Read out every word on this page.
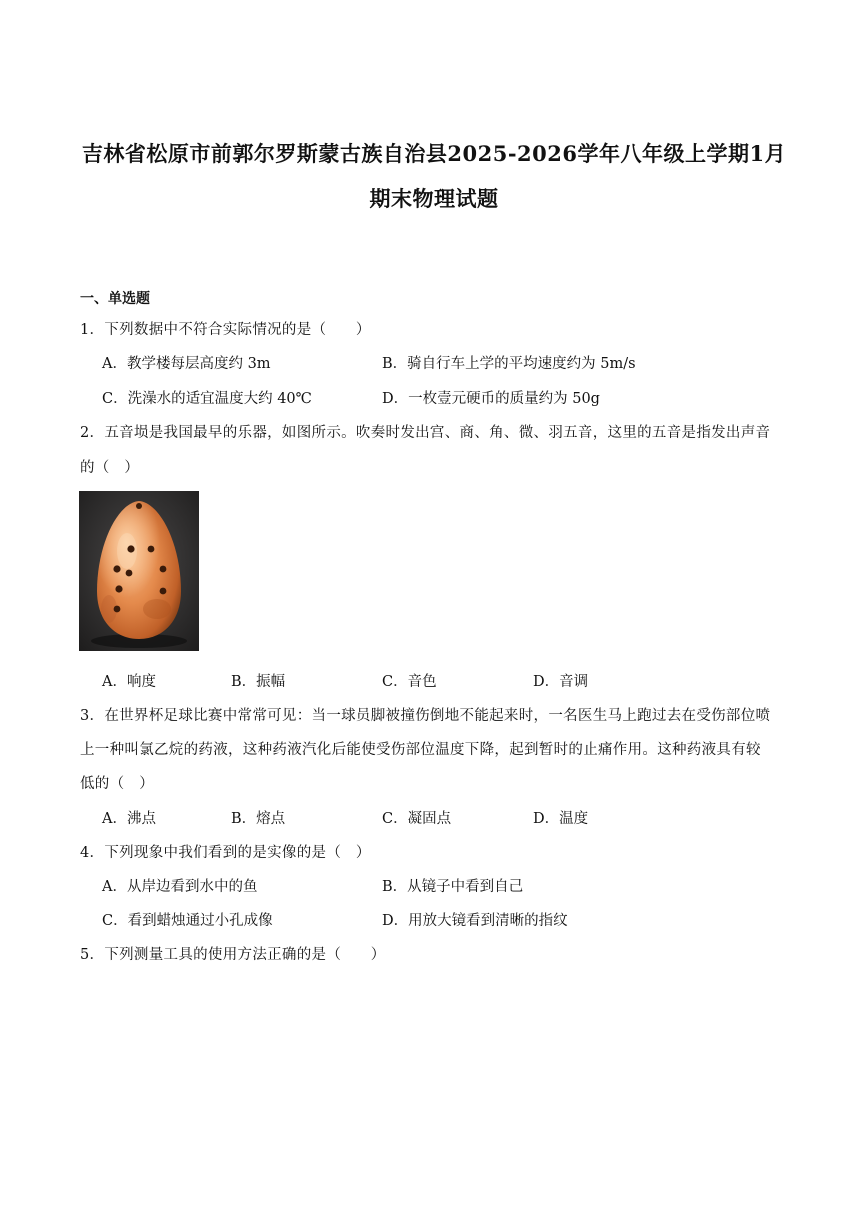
吉林省松原市前郭尔罗斯蒙古族自治县2025-2026学年八年级上学期1月
期末物理试题
一、单选题
1．下列数据中不符合实际情况的是（　　）
A．教学楼每层高度约 3m	B．骑自行车上学的平均速度约为 5m/s
C．洗澡水的适宜温度大约 40℃	D．一枚壹元硬币的质量约为 50g
2．五音埙是我国最早的乐器，如图所示。吹奏时发出宫、商、角、微、羽五音，这里的五音是指发出声音
的（　）
A．响度	B．振幅	C．音色	D．音调
3．在世界杯足球比赛中常常可见：当一球员脚被撞伤倒地不能起来时，一名医生马上跑过去在受伤部位喷
上一种叫氯乙烷的药液，这种药液汽化后能使受伤部位温度下降，起到暂时的止痛作用。这种药液具有较
低的（　）
A．沸点	B．熔点	C．凝固点	D．温度
4．下列现象中我们看到的是实像的是（　）
A．从岸边看到水中的鱼	B．从镜子中看到自己
C．看到蜡烛通过小孔成像	D．用放大镜看到清晰的指纹
5．下列测量工具的使用方法正确的是（　　）
